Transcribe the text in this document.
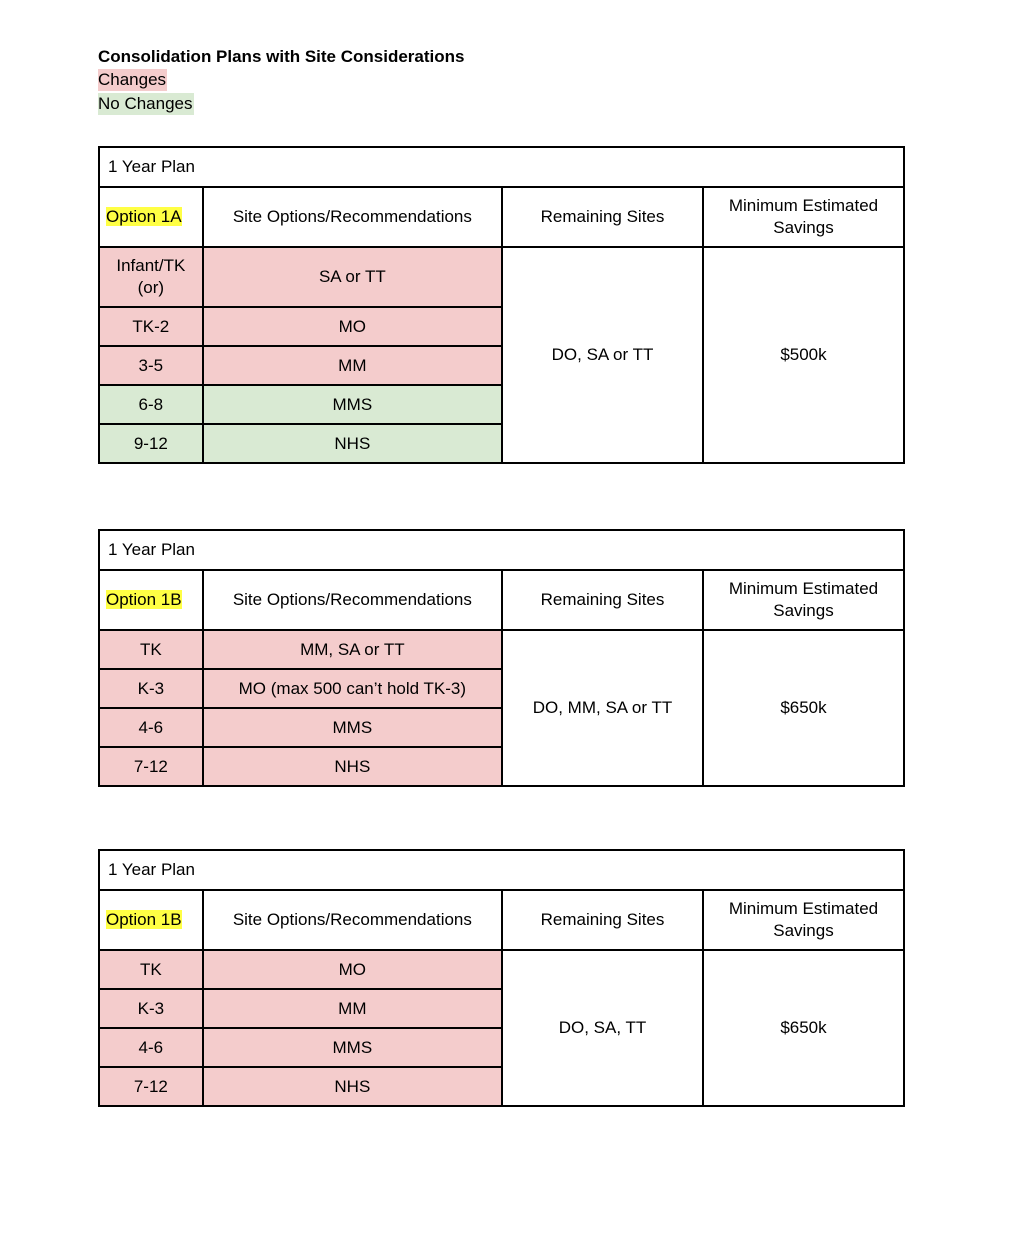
Consolidation Plans with Site Considerations

Changes
No Changes
1 Year Plan			
Option 1A	Site Options/Recommendations	Remaining Sites	Minimum Estimated
Savings
Infant/TK
(or)	SA or TT	DO, SA or TT	$500k
TK-2	MO		
3-5	MM		
6-8	MMS		
9-12	NHS		
1 Year Plan			
Option 1B	Site Options/Recommendations	Remaining Sites	Minimum Estimated
Savings
TK	MM, SA or TT	DO, MM, SA or TT	$650k
K-3	MO (max 500 can’t hold TK-3)		
4-6	MMS		
7-12	NHS		
1 Year Plan			
Option 1B	Site Options/Recommendations	Remaining Sites	Minimum Estimated
Savings
TK	MO	DO, SA, TT	$650k
K-3	MM		
4-6	MMS		
7-12	NHS		
